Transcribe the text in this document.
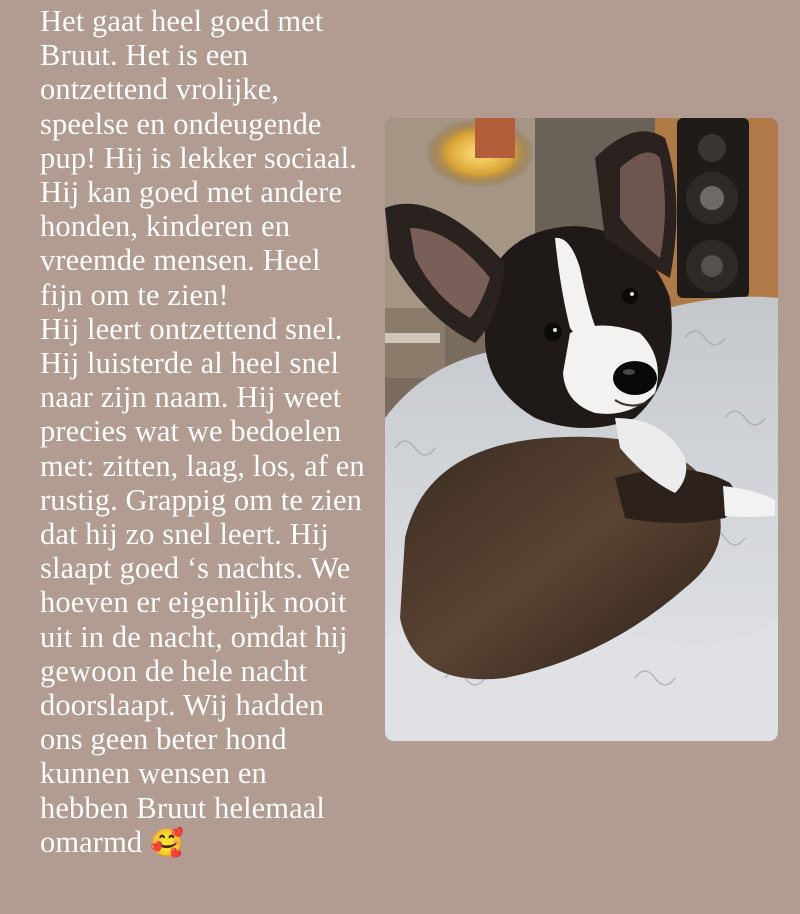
Het gaat heel goed met
Bruut. Het is een
ontzettend vrolijke,
speelse en ondeugende
pup! Hij is lekker sociaal.
Hij kan goed met andere
honden, kinderen en
vreemde mensen. Heel
fijn om te zien!
Hij leert ontzettend snel.
Hij luisterde al heel snel
naar zijn naam. Hij weet
precies wat we bedoelen
met: zitten, laag, los, af en
rustig. Grappig om te zien
dat hij zo snel leert. Hij
slaapt goed ‘s nachts. We
hoeven er eigenlijk nooit
uit in de nacht, omdat hij
gewoon de hele nacht
doorslaapt. Wij hadden
ons geen beter hond
kunnen wensen en
hebben Bruut helemaal
omarmd 🥰
